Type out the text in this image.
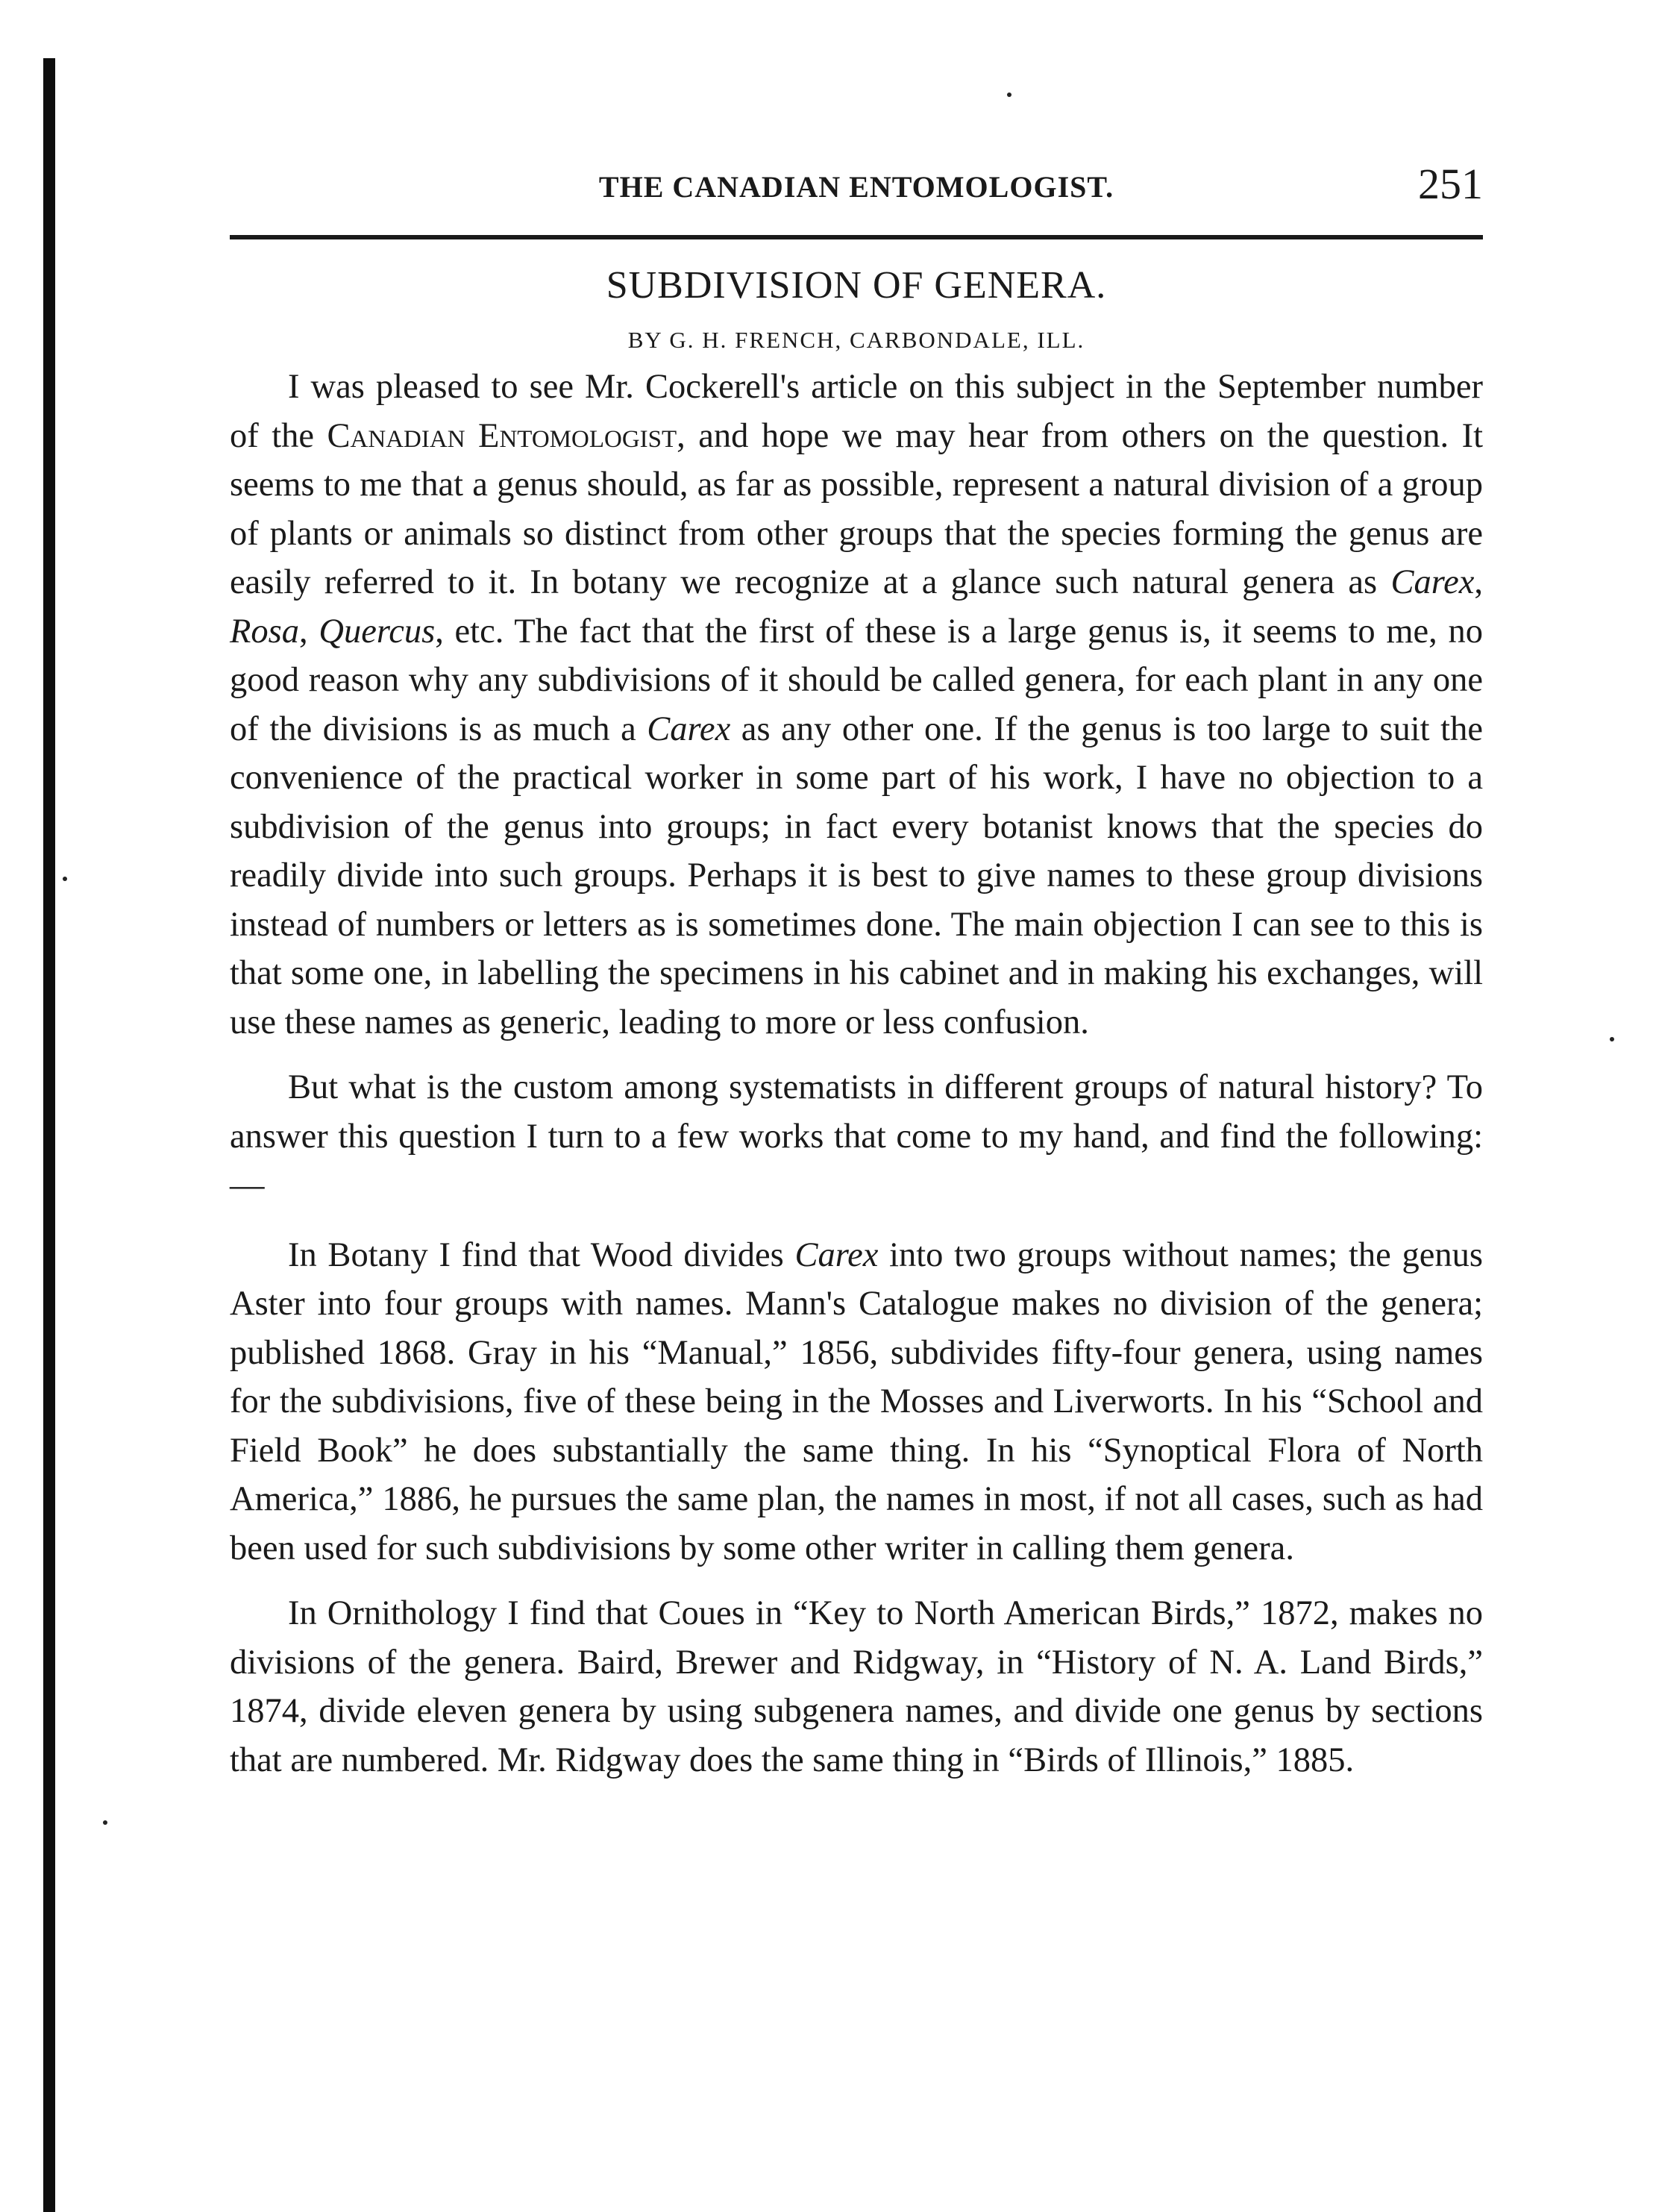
THE CANADIAN ENTOMOLOGIST.	251
SUBDIVISION OF GENERA.
BY G. H. FRENCH, CARBONDALE, ILL.

I was pleased to see Mr. Cockerell's article on this subject in the September number of the Canadian Entomologist, and hope we may hear from others on the question. It seems to me that a genus should, as far as possible, represent a natural division of a group of plants or animals so distinct from other groups that the species forming the genus are easily referred to it. In botany we recognize at a glance such natural genera as Carex, Rosa, Quercus, etc. The fact that the first of these is a large genus is, it seems to me, no good reason why any subdivisions of it should be called genera, for each plant in any one of the divisions is as much a Carex as any other one. If the genus is too large to suit the convenience of the practical worker in some part of his work, I have no objection to a subdivision of the genus into groups; in fact every botanist knows that the species do readily divide into such groups. Perhaps it is best to give names to these group divisions instead of numbers or letters as is sometimes done. The main objection I can see to this is that some one, in labelling the specimens in his cabinet and in making his exchanges, will use these names as generic, leading to more or less confusion.

But what is the custom among systematists in different groups of natural history? To answer this question I turn to a few works that come to my hand, and find the following:—

In Botany I find that Wood divides Carex into two groups without names; the genus Aster into four groups with names. Mann's Catalogue makes no division of the genera; published 1868. Gray in his “Manual,” 1856, subdivides fifty-four genera, using names for the subdivisions, five of these being in the Mosses and Liverworts. In his “School and Field Book” he does substantially the same thing. In his “Synoptical Flora of North America,” 1886, he pursues the same plan, the names in most, if not all cases, such as had been used for such subdivisions by some other writer in calling them genera.

In Ornithology I find that Coues in “Key to North American Birds,” 1872, makes no divisions of the genera. Baird, Brewer and Ridgway, in “History of N. A. Land Birds,” 1874, divide eleven genera by using subgenera names, and divide one genus by sections that are numbered. Mr. Ridgway does the same thing in “Birds of Illinois,” 1885.
